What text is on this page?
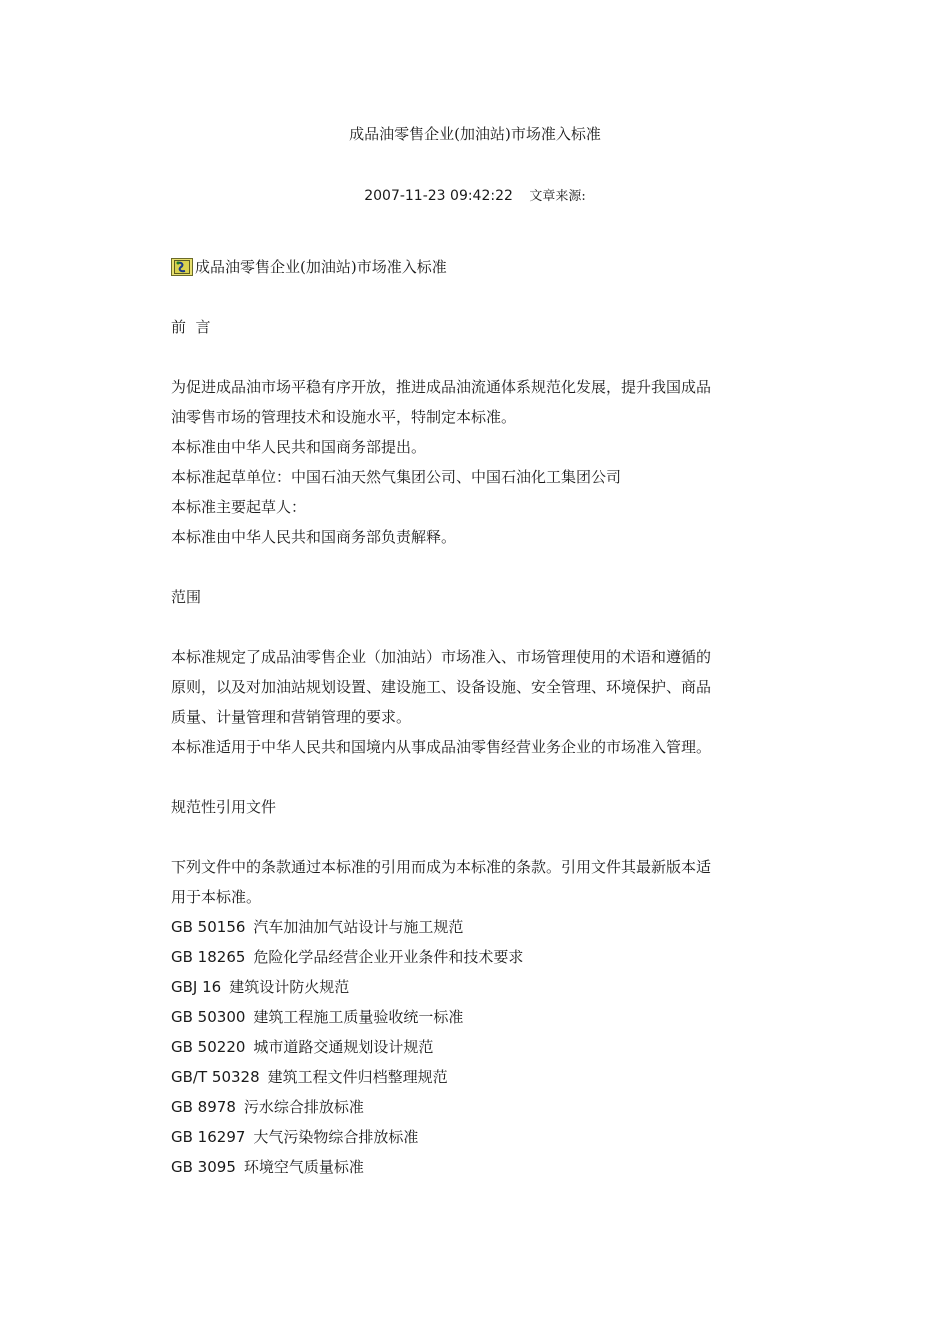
成品油零售企业(加油站)市场准入标准
2007-11-23 09:42:22 文章来源:

成品油零售企业(加油站)市场准入标准

前  言

为促进成品油市场平稳有序开放，推进成品油流通体系规范化发展，提升我国成品

油零售市场的管理技术和设施水平，特制定本标准。

本标准由中华人民共和国商务部提出。

本标准起草单位：中国石油天然气集团公司、中国石油化工集团公司

本标准主要起草人：

本标准由中华人民共和国商务部负责解释。

范围

本标准规定了成品油零售企业（加油站）市场准入、市场管理使用的术语和遵循的

原则，以及对加油站规划设置、建设施工、设备设施、安全管理、环境保护、商品

质量、计量管理和营销管理的要求。

本标准适用于中华人民共和国境内从事成品油零售经营业务企业的市场准入管理。

规范性引用文件

下列文件中的条款通过本标准的引用而成为本标准的条款。引用文件其最新版本适

用于本标准。

GB 50156 汽车加油加气站设计与施工规范

GB 18265 危险化学品经营企业开业条件和技术要求

GBJ 16 建筑设计防火规范

GB 50300 建筑工程施工质量验收统一标准

GB 50220 城市道路交通规划设计规范

GB/T 50328 建筑工程文件归档整理规范

GB 8978 污水综合排放标准

GB 16297 大气污染物综合排放标准

GB 3095 环境空气质量标准
